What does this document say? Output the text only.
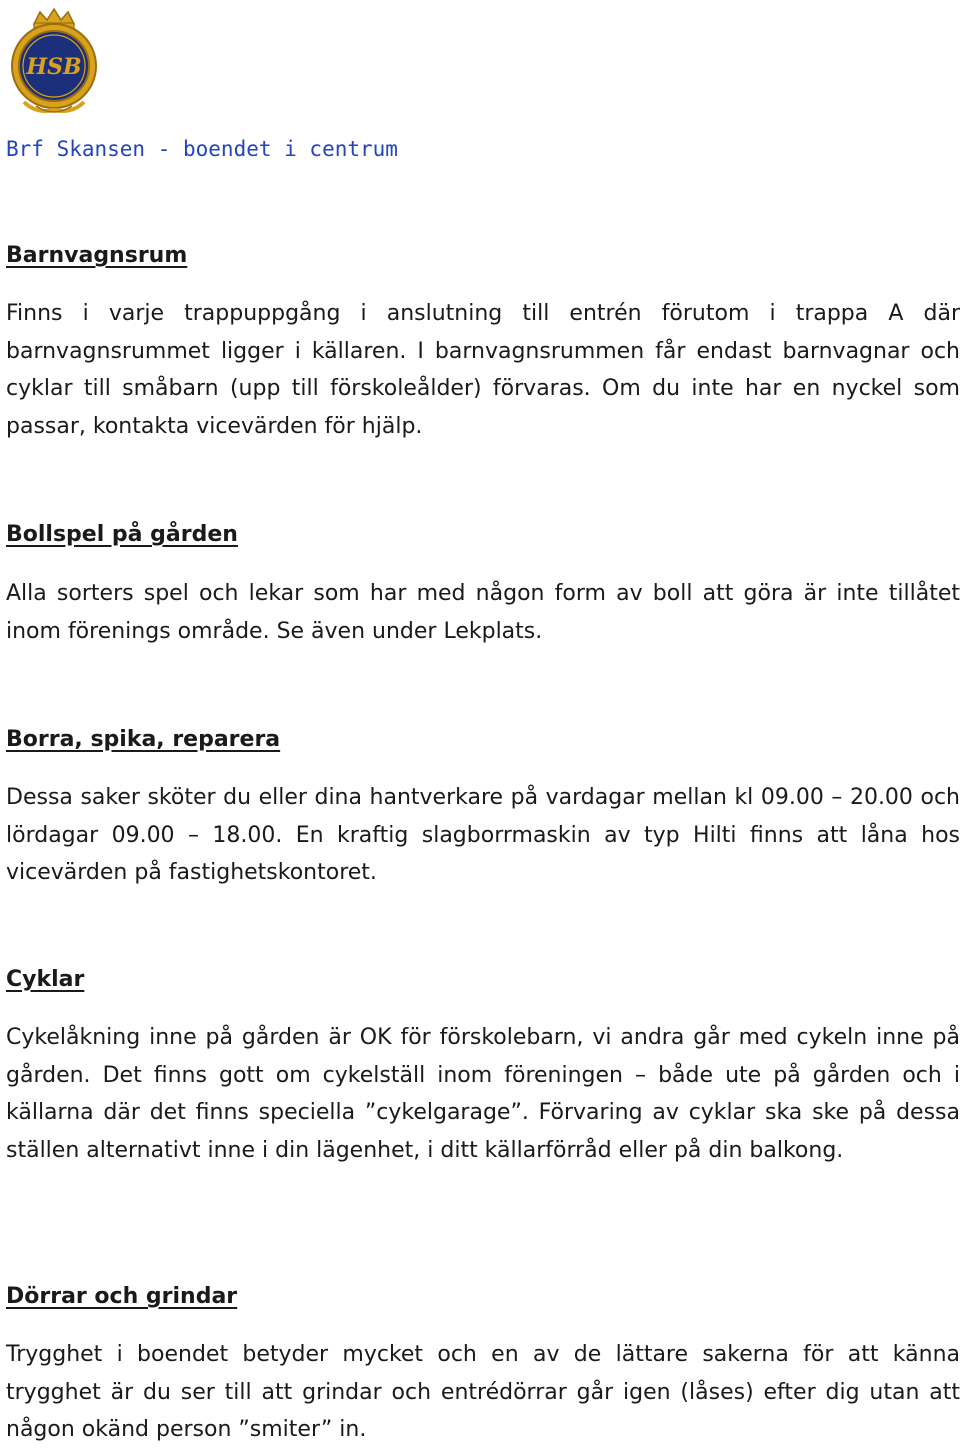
HSB
Brf Skansen - boendet i centrum
Barnvagnsrum

Finns i varje trappuppgång i anslutning till entrén förutom i trappa A där barnvagnsrummet ligger i källaren. I barnvagnsrummen får endast barnvagnar och cyklar till småbarn (upp till förskoleålder) förvaras. Om du inte har en nyckel som passar, kontakta vicevärden för hjälp.

Bollspel på gården

Alla sorters spel och lekar som har med någon form av boll att göra är inte tillåtet inom förenings område. Se även under Lekplats.

Borra, spika, reparera

Dessa saker sköter du eller dina hantverkare på vardagar mellan kl 09.00 – 20.00 och lördagar 09.00 – 18.00. En kraftig slagborrmaskin av typ Hilti finns att låna hos vicevärden på fastighetskontoret.

Cyklar

Cykelåkning inne på gården är OK för förskolebarn, vi andra går med cykeln inne på gården. Det finns gott om cykelställ inom föreningen – både ute på gården och i källarna där det finns speciella ”cykelgarage”. Förvaring av cyklar ska ske på dessa ställen alternativt inne i din lägenhet, i ditt källarförråd eller på din balkong.

Dörrar och grindar

Trygghet i boendet betyder mycket och en av de lättare sakerna för att känna trygghet är du ser till att grindar och entrédörrar går igen (låses) efter dig utan att någon okänd person ”smiter” in.
